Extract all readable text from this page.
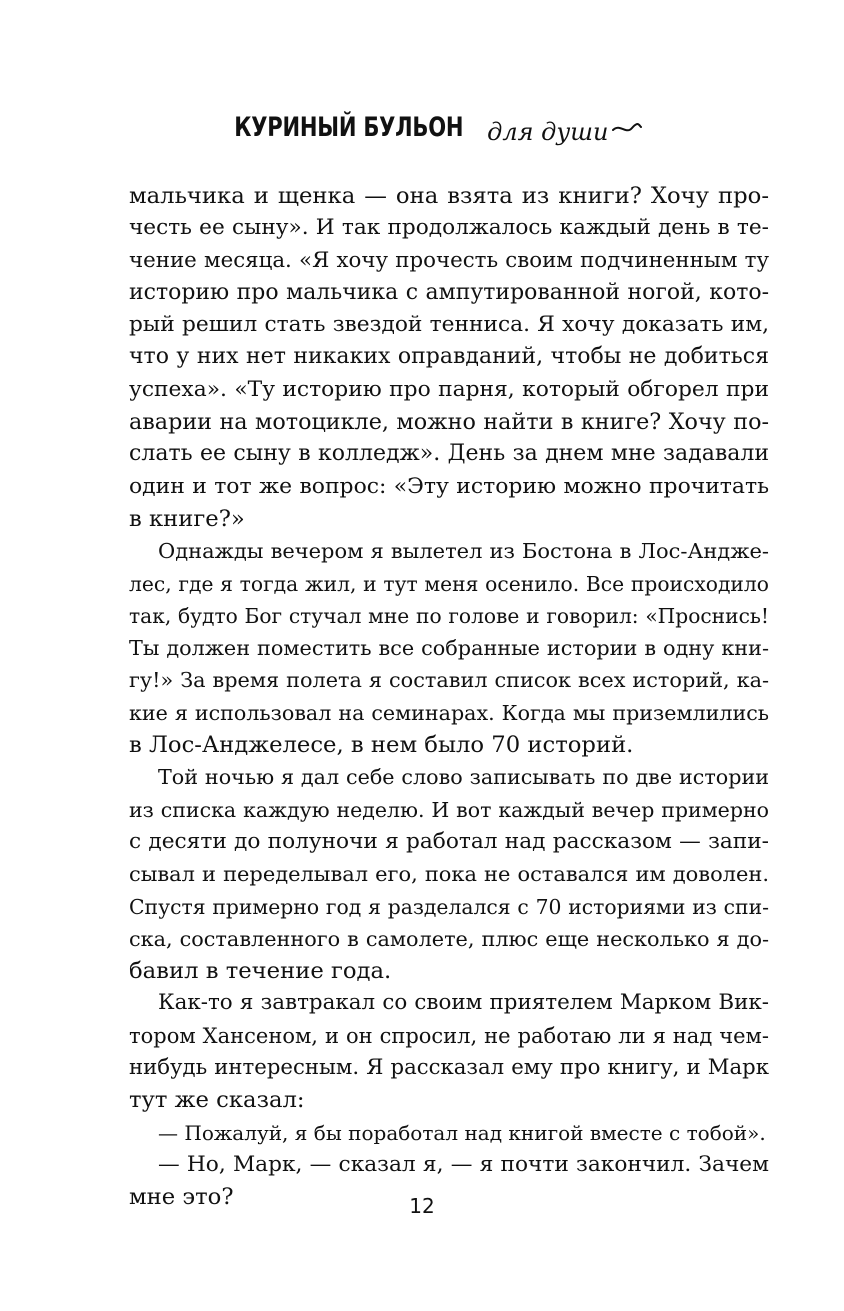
КУРИНЫЙ БУЛЬОН для души
мальчика и щенка — она взята из книги? Хочу про-
честь ее сыну». И так продолжалось каждый день в те-
чение месяца. «Я хочу прочесть своим подчиненным ту
историю про мальчика с ампутированной ногой, кото-
рый решил стать звездой тенниса. Я хочу доказать им,
что у них нет никаких оправданий, чтобы не добиться
успеха». «Ту историю про парня, который обгорел при
аварии на мотоцикле, можно найти в книге? Хочу по-
слать ее сыну в колледж». День за днем мне задавали
один и тот же вопрос: «Эту историю можно прочитать
в книге?»
Однажды вечером я вылетел из Бостона в Лос-Андже-
лес, где я тогда жил, и тут меня осенило. Все происходило
так, будто Бог стучал мне по голове и говорил: «Проснись!
Ты должен поместить все собранные истории в одну кни-
гу!» За время полета я составил список всех историй, ка-
кие я использовал на семинарах. Когда мы приземлились
в Лос-Анджелесе, в нем было 70 историй.
Той ночью я дал себе слово записывать по две истории
из списка каждую неделю. И вот каждый вечер примерно
с десяти до полуночи я работал над рассказом — запи-
сывал и переделывал его, пока не оставался им доволен.
Спустя примерно год я разделался с 70 историями из спи-
ска, составленного в самолете, плюс еще несколько я до-
бавил в течение года.
Как-то я завтракал со своим приятелем Марком Вик-
тором Хансеном, и он спросил, не работаю ли я над чем-
нибудь интересным. Я рассказал ему про книгу, и Марк
тут же сказал:
— Пожалуй, я бы поработал над книгой вместе с тобой».
— Но, Марк, — сказал я, — я почти закончил. Зачем
мне это?	12
